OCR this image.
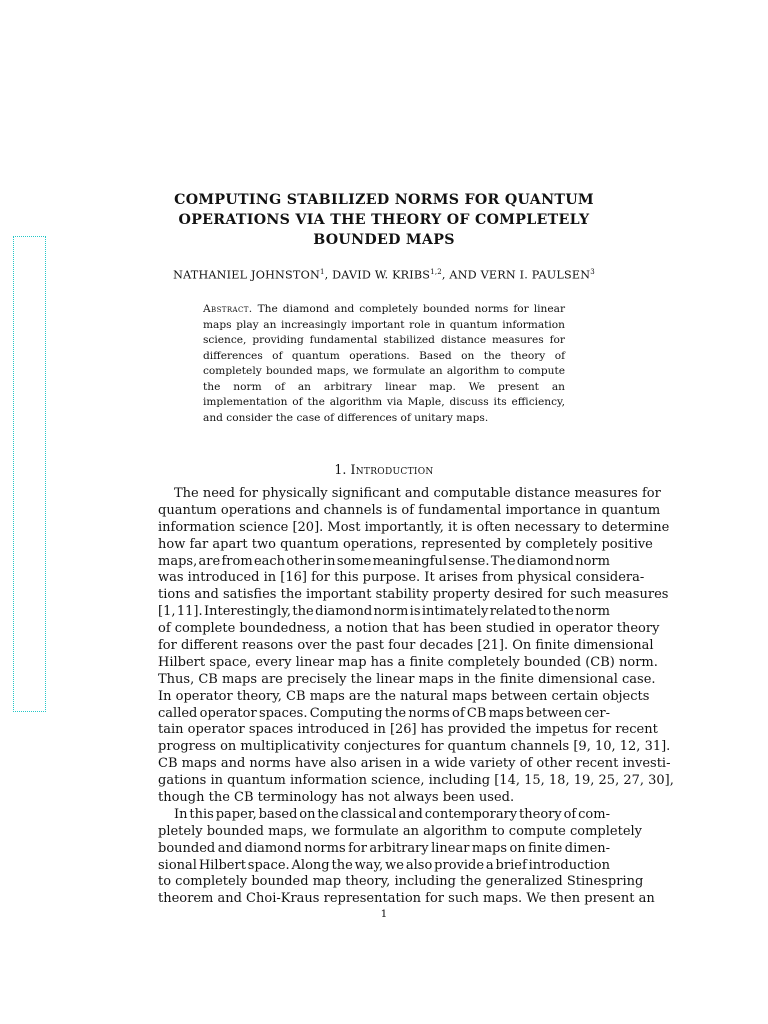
COMPUTING STABILIZED NORMS FOR QUANTUM
OPERATIONS VIA THE THEORY OF COMPLETELY
BOUNDED MAPS
NATHANIEL JOHNSTON$^1$, DAVID W. KRIBS$^{1,2}$, AND VERN I. PAULSEN$^3$
Abstract. The diamond and completely bounded norms for linear maps play an increasingly important role in quantum information science, providing fundamental stabilized distance measures for differences of quantum operations. Based on the theory of completely bounded maps, we formulate an algorithm to compute the norm of an arbitrary linear map. We present an implementation of the algorithm via Maple, discuss its efficiency, and consider the case of differences of unitary maps.
1. Introduction
The need for physically significant and computable distance measures for
quantum operations and channels is of fundamental importance in quantum
information science [20]. Most importantly, it is often necessary to determine
how far apart two quantum operations, represented by completely positive
maps, are from each other in some meaningful sense. The diamond norm
was introduced in [16] for this purpose. It arises from physical considera-
tions and satisfies the important stability property desired for such measures
[1, 11]. Interestingly, the diamond norm is intimately related to the norm
of complete boundedness, a notion that has been studied in operator theory
for different reasons over the past four decades [21]. On finite dimensional
Hilbert space, every linear map has a finite completely bounded (CB) norm.
Thus, CB maps are precisely the linear maps in the finite dimensional case.
In operator theory, CB maps are the natural maps between certain objects
called operator spaces. Computing the norms of CB maps between cer-
tain operator spaces introduced in [26] has provided the impetus for recent
progress on multiplicativity conjectures for quantum channels [9, 10, 12, 31].
CB maps and norms have also arisen in a wide variety of other recent investi-
gations in quantum information science, including [14, 15, 18, 19, 25, 27, 30],
though the CB terminology has not always been used.
In this paper, based on the classical and contemporary theory of com-
pletely bounded maps, we formulate an algorithm to compute completely
bounded and diamond norms for arbitrary linear maps on finite dimen-
sional Hilbert space. Along the way, we also provide a brief introduction
to completely bounded map theory, including the generalized Stinespring
theorem and Choi-Kraus representation for such maps. We then present an
1
